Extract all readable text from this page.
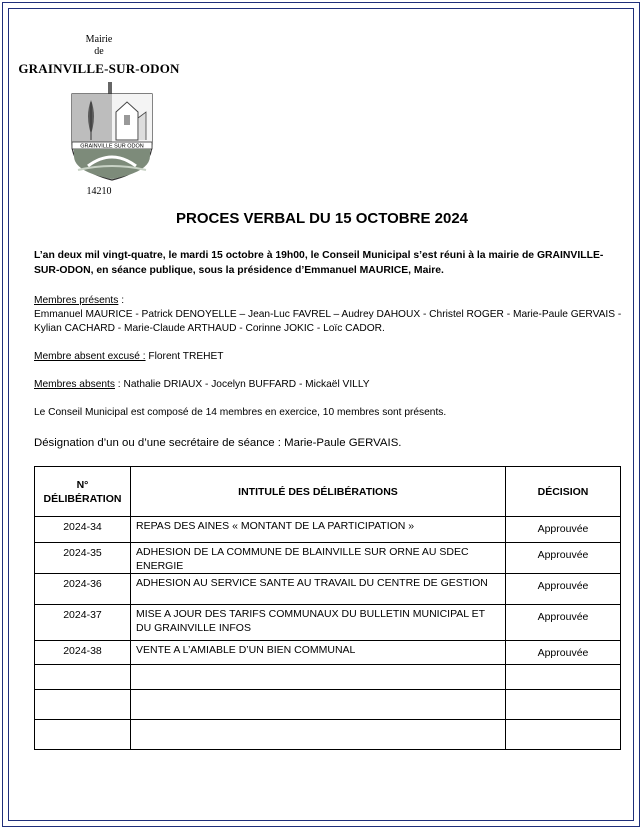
Mairie
de
GRAINVILLE-SUR-ODON
GRAINVILLE SUR ODON
14210
PROCES VERBAL DU 15 OCTOBRE 2024
L’an deux mil vingt-quatre, le mardi 15 octobre à 19h00, le Conseil Municipal s’est réuni à la mairie de GRAINVILLE-SUR-ODON, en séance publique, sous la présidence d’Emmanuel MAURICE, Maire.
Membres présents :
Emmanuel MAURICE - Patrick DENOYELLE – Jean-Luc FAVREL – Audrey DAHOUX - Christel ROGER - Marie-Paule GERVAIS - Kylian CACHARD - Marie-Claude ARTHAUD - Corinne JOKIC - Loïc CADOR.
Membre absent excusé : Florent TREHET
Membres absents : Nathalie DRIAUX - Jocelyn BUFFARD - Mickaël VILLY
Le Conseil Municipal est composé de 14 membres en exercice, 10 membres sont présents.
Désignation d’un ou d’une secrétaire de séance : Marie-Paule GERVAIS.
N°
DÉLIBÉRATION	INTITULÉ DES DÉLIBÉRATIONS	DÉCISION
2024-34	REPAS DES AINES « MONTANT DE LA PARTICIPATION »	Approuvée
2024-35	ADHESION DE LA COMMUNE DE BLAINVILLE SUR ORNE AU SDEC ENERGIE	Approuvée
2024-36	ADHESION AU SERVICE SANTE AU TRAVAIL DU CENTRE DE GESTION	Approuvée
2024-37	MISE A JOUR DES TARIFS COMMUNAUX DU BULLETIN MUNICIPAL ET DU GRAINVILLE INFOS	Approuvée
2024-38	VENTE A L’AMIABLE D’UN BIEN COMMUNAL	Approuvée
